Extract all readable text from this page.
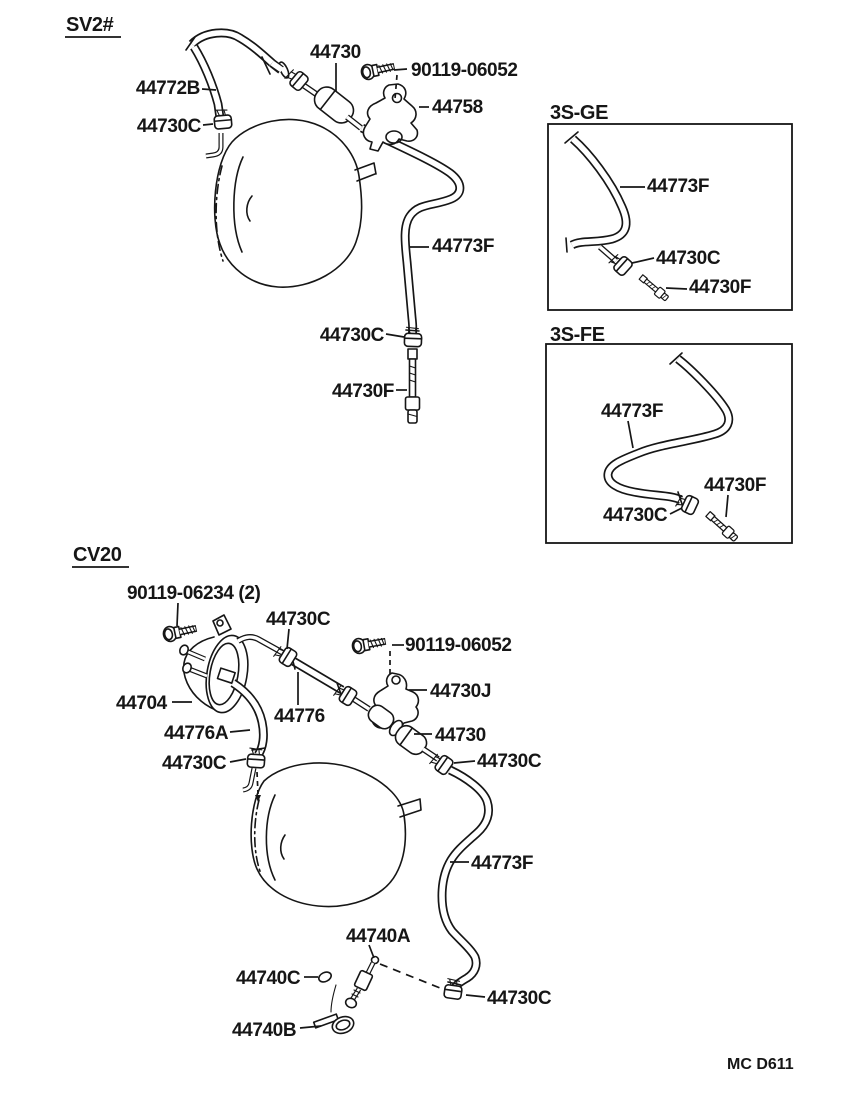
SV2#
44730
90119-06052
44758
44772B
44730C
44773F
44730C
44730F
3S-GE
44773F
44730C
44730F
3S-FE
44773F
44730F
44730C
CV20
90119-06234 (2)
44730C
90119-06052
44704
44730J
44776
44730
44776A
44730C	44730C
44773F
44740A
44740C
44730C
44740B
MC D611
